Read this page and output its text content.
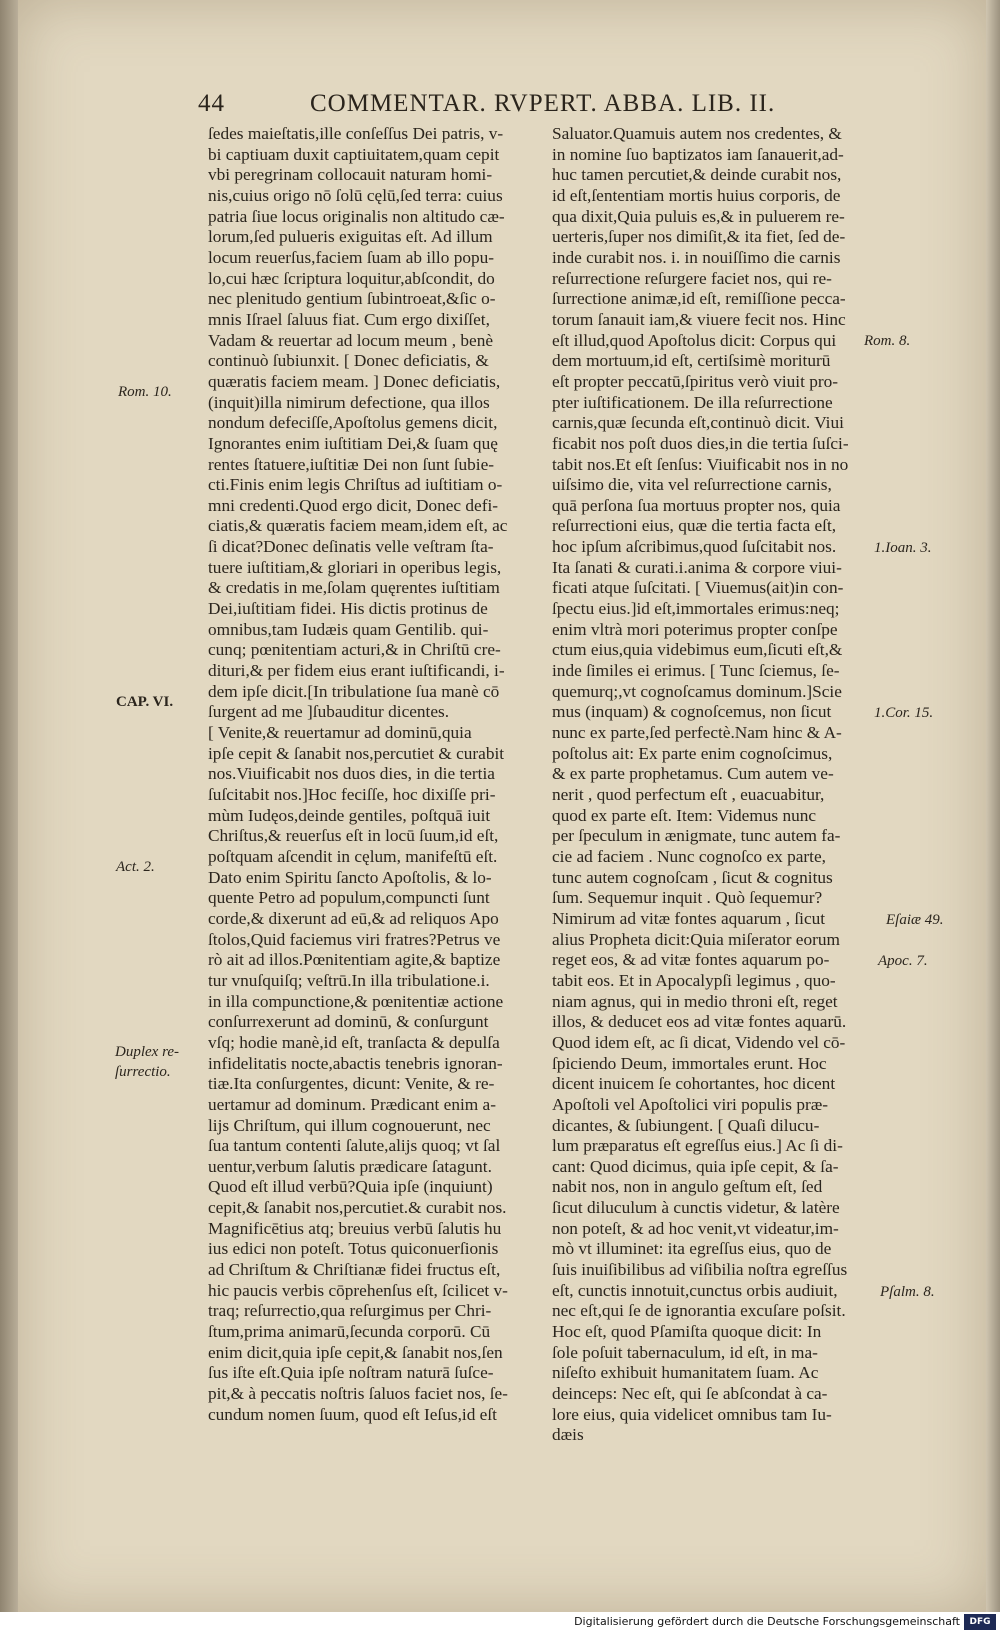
44	COMMENTAR. RVPERT. ABBA. LIB. II.
ſedes maieſtatis,ille conſeſſus Dei patris, v-
bi captiuam duxit captiuitatem,quam cepit
vbi peregrinam collocauit naturam homi-
nis,cuius origo nō ſolū cęlū,ſed terra: cuius
patria ſiue locus originalis non altitudo cæ-
lorum,ſed pulueris exiguitas eſt. Ad illum
locum reuerſus,faciem ſuam ab illo popu-
lo,cui hæc ſcriptura loquitur,abſcondit, do
nec plenitudo gentium ſubintroeat,&ſic o-
mnis Iſrael ſaluus fiat. Cum ergo dixiſſet,
Vadam & reuertar ad locum meum , benè
continuò ſubiunxit. [ Donec deficiatis, &
quæratis faciem meam. ] Donec deficiatis,
(inquit)illa nimirum defectione, qua illos
nondum defeciſſe,Apoſtolus gemens dicit,
Ignorantes enim iuſtitiam Dei,& ſuam quę
rentes ſtatuere,iuſtitiæ Dei non ſunt ſubie-
cti.Finis enim legis Chriſtus ad iuſtitiam o-
mni credenti.Quod ergo dicit, Donec defi-
ciatis,& quæratis faciem meam,idem eſt, ac
ſi dicat?Donec deſinatis velle veſtram ſta-
tuere iuſtitiam,& gloriari in operibus legis,
& credatis in me,ſolam quęrentes iuſtitiam
Dei,iuſtitiam fidei. His dictis protinus de
omnibus,tam Iudæis quam Gentilib. qui-
cunq; pœnitentiam acturi,& in Chriſtū cre-
dituri,& per fidem eius erant iuſtificandi, i-
dem ipſe dicit.[In tribulatione ſua manè cō
ſurgent ad me ]ſubauditur dicentes.
[ Venite,& reuertamur ad dominū,quia
ipſe cepit & ſanabit nos,percutiet & curabit
nos.Viuificabit nos duos dies, in die tertia
ſuſcitabit nos.]Hoc feciſſe, hoc dixiſſe pri-
mùm Iudęos,deinde gentiles, poſtquā iuit
Chriſtus,& reuerſus eſt in locū ſuum,id eſt,
poſtquam aſcendit in cęlum, manifeſtū eſt.
Dato enim Spiritu ſancto Apoſtolis, & lo-
quente Petro ad populum,compuncti ſunt
corde,& dixerunt ad eū,& ad reliquos Apo
ſtolos,Quid faciemus viri fratres?Petrus ve
rò ait ad illos.Pœnitentiam agite,& baptize
tur vnuſquiſq; veſtrū.In illa tribulatione.i.
in illa compunctione,& pœnitentiæ actione
conſurrexerunt ad dominū, & conſurgunt
vſq; hodie manè,id eſt, tranſacta & depulſa
infidelitatis nocte,abactis tenebris ignoran-
tiæ.Ita conſurgentes, dicunt: Venite, & re-
uertamur ad dominum. Prædicant enim a-
lijs Chriſtum, qui illum cognouerunt, nec
ſua tantum contenti ſalute,alijs quoq; vt ſal
uentur,verbum ſalutis prædicare ſatagunt.
Quod eſt illud verbū?Quia ipſe (inquiunt)
cepit,& ſanabit nos,percutiet.& curabit nos.
Magnificētius atq; breuius verbū ſalutis hu
ius edici non poteſt. Totus quiconuerſionis
ad Chriſtum & Chriſtianæ fidei fructus eſt,
hic paucis verbis cōprehenſus eſt, ſcilicet v-
traq; reſurrectio,qua reſurgimus per Chri-
ſtum,prima animarū,ſecunda corporū. Cū
enim dicit,quia ipſe cepit,& ſanabit nos,ſen
ſus iſte eſt.Quia ipſe noſtram naturā ſuſce-
pit,& à peccatis noſtris ſaluos faciet nos, ſe-
cundum nomen ſuum, quod eſt Ieſus,id eſt
Saluator.Quamuis autem nos credentes, &
in nomine ſuo baptizatos iam ſanauerit,ad-
huc tamen percutiet,& deinde curabit nos,
id eſt,ſententiam mortis huius corporis, de
qua dixit,Quia puluis es,& in puluerem re-
uerteris,ſuper nos dimiſit,& ita fiet, ſed de-
inde curabit nos. i. in nouiſſimo die carnis
reſurrectione reſurgere faciet nos, qui re-
ſurrectione animæ,id eſt, remiſſione pecca-
torum ſanauit iam,& viuere fecit nos. Hinc
eſt illud,quod Apoſtolus dicit: Corpus qui
dem mortuum,id eſt, certiſsimè moriturū
eſt propter peccatū,ſpiritus verò viuit pro-
pter iuſtificationem. De illa reſurrectione
carnis,quæ ſecunda eſt,continuò dicit. Viui
ficabit nos poſt duos dies,in die tertia ſuſci-
tabit nos.Et eſt ſenſus: Viuificabit nos in no
uiſsimo die, vita vel reſurrectione carnis,
quā perſona ſua mortuus propter nos, quia
reſurrectioni eius, quæ die tertia facta eſt,
hoc ipſum aſcribimus,quod ſuſcitabit nos.
Ita ſanati & curati.i.anima & corpore viui-
ficati atque ſuſcitati. [ Viuemus(ait)in con-
ſpectu eius.]id eſt,immortales erimus:neq;
enim vltrà mori poterimus propter conſpe
ctum eius,quia videbimus eum,ſicuti eſt,&
inde ſimiles ei erimus. [ Tunc ſciemus, ſe-
quemurq;,vt cognoſcamus dominum.]Scie
mus (inquam) & cognoſcemus, non ſicut
nunc ex parte,ſed perfectè.Nam hinc & A-
poſtolus ait: Ex parte enim cognoſcimus,
& ex parte prophetamus. Cum autem ve-
nerit , quod perfectum eſt , euacuabitur,
quod ex parte eſt. Item: Videmus nunc
per ſpeculum in ænigmate, tunc autem fa-
cie ad faciem . Nunc cognoſco ex parte,
tunc autem cognoſcam , ſicut & cognitus
ſum. Sequemur inquit . Quò ſequemur?
Nimirum ad vitæ fontes aquarum , ſicut
alius Propheta dicit:Quia miſerator eorum
reget eos, & ad vitæ fontes aquarum po-
tabit eos. Et in Apocalypſi legimus , quo-
niam agnus, qui in medio throni eſt, reget
illos, & deducet eos ad vitæ fontes aquarū.
Quod idem eſt, ac ſi dicat, Videndo vel cō-
ſpiciendo Deum, immortales erunt. Hoc
dicent inuicem ſe cohortantes, hoc dicent
Apoſtoli vel Apoſtolici viri populis præ-
dicantes, & ſubiungent. [ Quaſi dilucu-
lum præparatus eſt egreſſus eius.] Ac ſi di-
cant: Quod dicimus, quia ipſe cepit, & ſa-
nabit nos, non in angulo geſtum eſt, ſed
ſicut diluculum à cunctis videtur, & latère
non poteſt, & ad hoc venit,vt videatur,im-
mò vt illuminet: ita egreſſus eius, quo de
ſuis inuiſibilibus ad viſibilia noſtra egreſſus
eſt, cunctis innotuit,cunctus orbis audiuit,
nec eſt,qui ſe de ignorantia excuſare poſsit.
Hoc eſt, quod Pſamiſta quoque dicit: In
ſole poſuit tabernaculum, id eſt, in ma-
niſeſto exhibuit humanitatem ſuam. Ac
deinceps: Nec eſt, qui ſe abſcondat à ca-
lore eius, quia videlicet omnibus tam Iu-
dæis
Rom. 10.
CAP. VI.
Act. 2.
Duplex re-
ſurrectio.
Rom. 8.
1.Ioan. 3.
1.Cor. 15.
Eſaiæ 49.
Apoc. 7.
Pſalm. 8.
Digitalisierung gefördert durch die Deutsche Forschungsgemeinschaft	DFG
